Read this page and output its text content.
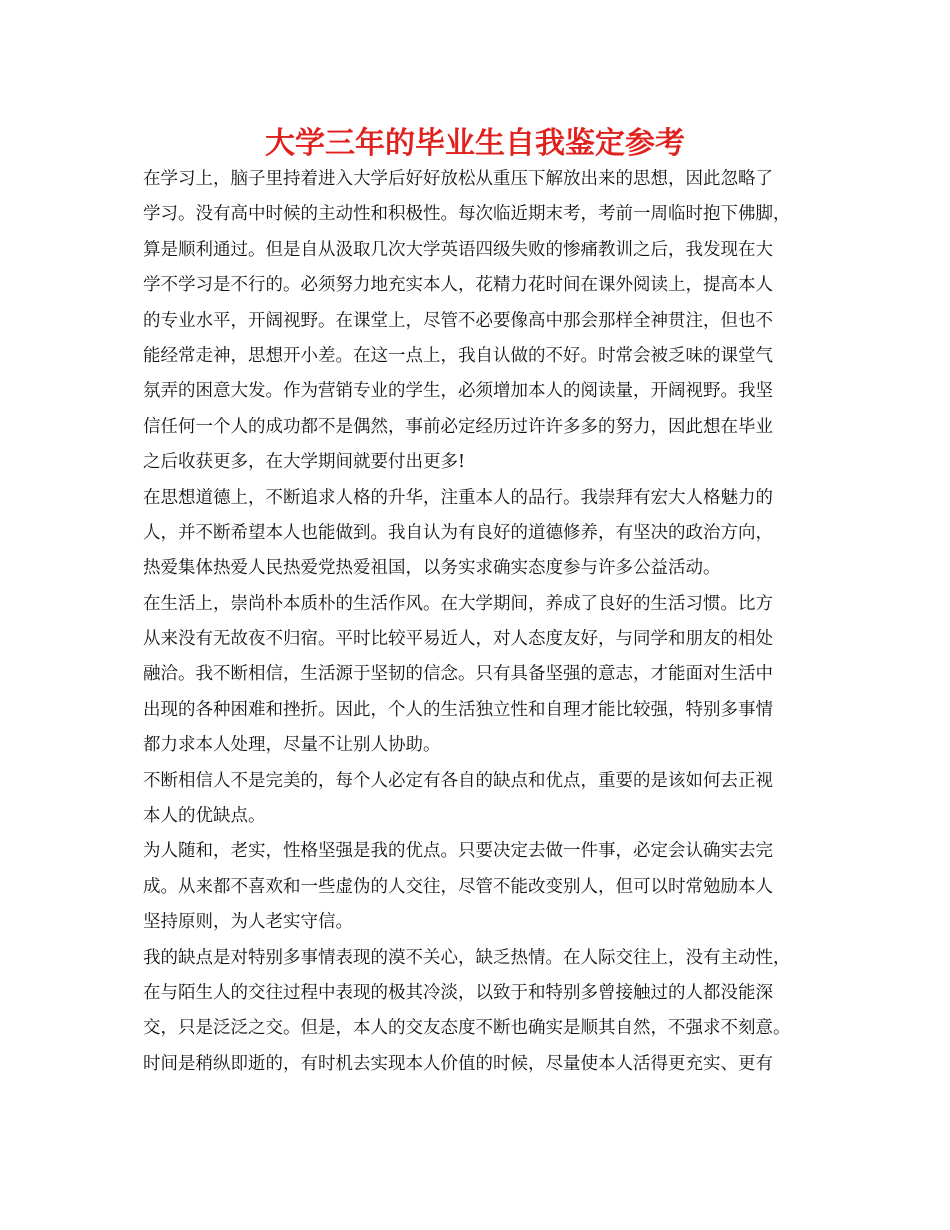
大学三年的毕业生自我鉴定参考
在学习上，脑子里持着进入大学后好好放松从重压下解放出来的思想，因此忽略了
学习。没有高中时候的主动性和积极性。每次临近期末考，考前一周临时抱下佛脚，
算是顺利通过。但是自从汲取几次大学英语四级失败的惨痛教训之后，我发现在大
学不学习是不行的。必须努力地充实本人，花精力花时间在课外阅读上，提高本人
的专业水平，开阔视野。在课堂上，尽管不必要像高中那会那样全神贯注，但也不
能经常走神，思想开小差。在这一点上，我自认做的不好。时常会被乏味的课堂气
氛弄的困意大发。作为营销专业的学生，必须增加本人的阅读量，开阔视野。我坚
信任何一个人的成功都不是偶然，事前必定经历过许许多多的努力，因此想在毕业
之后收获更多，在大学期间就要付出更多!
在思想道德上，不断追求人格的升华，注重本人的品行。我崇拜有宏大人格魅力的
人，并不断希望本人也能做到。我自认为有良好的道德修养，有坚决的政治方向，
热爱集体热爱人民热爱党热爱祖国，以务实求确实态度参与许多公益活动。
在生活上，崇尚朴本质朴的生活作风。在大学期间，养成了良好的生活习惯。比方
从来没有无故夜不归宿。平时比较平易近人，对人态度友好，与同学和朋友的相处
融洽。我不断相信，生活源于坚韧的信念。只有具备坚强的意志，才能面对生活中
出现的各种困难和挫折。因此，个人的生活独立性和自理才能比较强，特别多事情
都力求本人处理，尽量不让别人协助。
不断相信人不是完美的，每个人必定有各自的缺点和优点，重要的是该如何去正视
本人的优缺点。
为人随和，老实，性格坚强是我的优点。只要决定去做一件事，必定会认确实去完
成。从来都不喜欢和一些虚伪的人交往，尽管不能改变别人，但可以时常勉励本人
坚持原则，为人老实守信。
我的缺点是对特别多事情表现的漠不关心，缺乏热情。在人际交往上，没有主动性，
在与陌生人的交往过程中表现的极其冷淡，以致于和特别多曾接触过的人都没能深
交，只是泛泛之交。但是，本人的交友态度不断也确实是顺其自然，不强求不刻意。
时间是稍纵即逝的，有时机去实现本人价值的时候，尽量使本人活得更充实、更有
